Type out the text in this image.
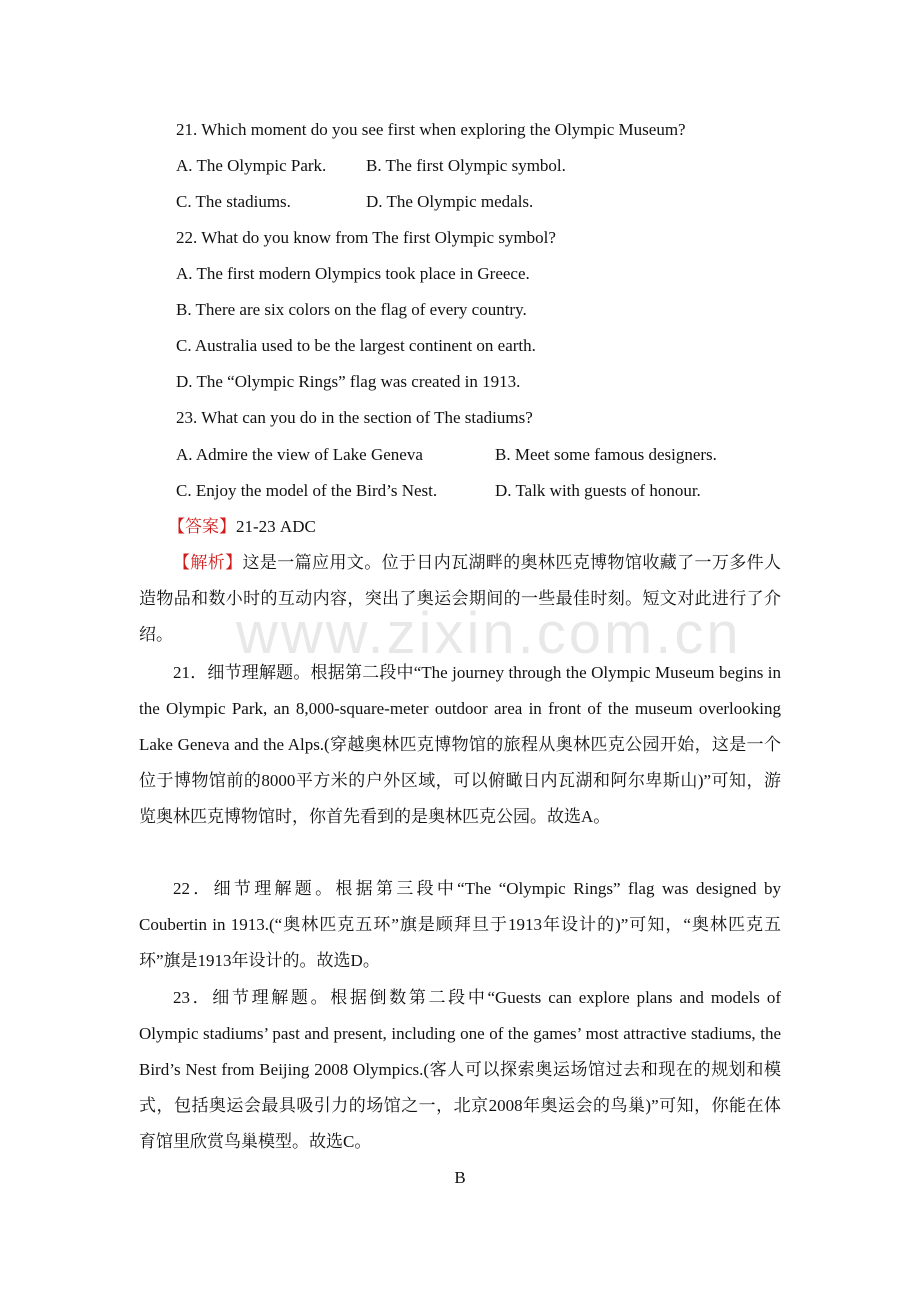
21. Which moment do you see first when exploring the Olympic Museum?
A. The Olympic Park. B. The first Olympic symbol.
C. The stadiums.	D. The Olympic medals.
22. What do you know from The first Olympic symbol?
A. The first modern Olympics took place in Greece.
B. There are six colors on the flag of every country.
C. Australia used to be the largest continent on earth.
D. The “Olympic Rings” flag was created in 1913.
23. What can you do in the section of The stadiums?
A. Admire the view of Lake Geneva	B. Meet some famous designers.
C. Enjoy the model of the Bird’s Nest.	D. Talk with guests of honour.
【答案】21-23 ADC
【解析】这是一篇应用文。位于日内瓦湖畔的奥林匹克博物馆收藏了一万多件人造物品和数小时的互动内容，突出了奥运会期间的一些最佳时刻。短文对此进行了介绍。
21．细节理解题。根据第二段中“The journey through the Olympic Museum begins in the Olympic Park, an 8,000-square-meter outdoor area in front of the museum overlooking Lake Geneva and the Alps.(穿越奥林匹克博物馆的旅程从奥林匹克公园开始，这是一个位于博物馆前的8000平方米的户外区域，可以俯瞰日内瓦湖和阿尔卑斯山)”可知，游览奥林匹克博物馆时，你首先看到的是奥林匹克公园。故选A。
22．细节理解题。根据第三段中“The “Olympic Rings” flag was designed by Coubertin in 1913.(“奥林匹克五环”旗是顾拜旦于1913年设计的)”可知，“奥林匹克五环”旗是1913年设计的。故选D。
23．细节理解题。根据倒数第二段中“Guests can explore plans and models of Olympic stadiums’ past and present, including one of the games’ most attractive stadiums, the Bird’s Nest from Beijing 2008 Olympics.(客人可以探索奥运场馆过去和现在的规划和模式，包括奥运会最具吸引力的场馆之一，北京2008年奥运会的鸟巢)”可知，你能在体育馆里欣赏鸟巢模型。故选C。
www.zixin.com.cn
B
